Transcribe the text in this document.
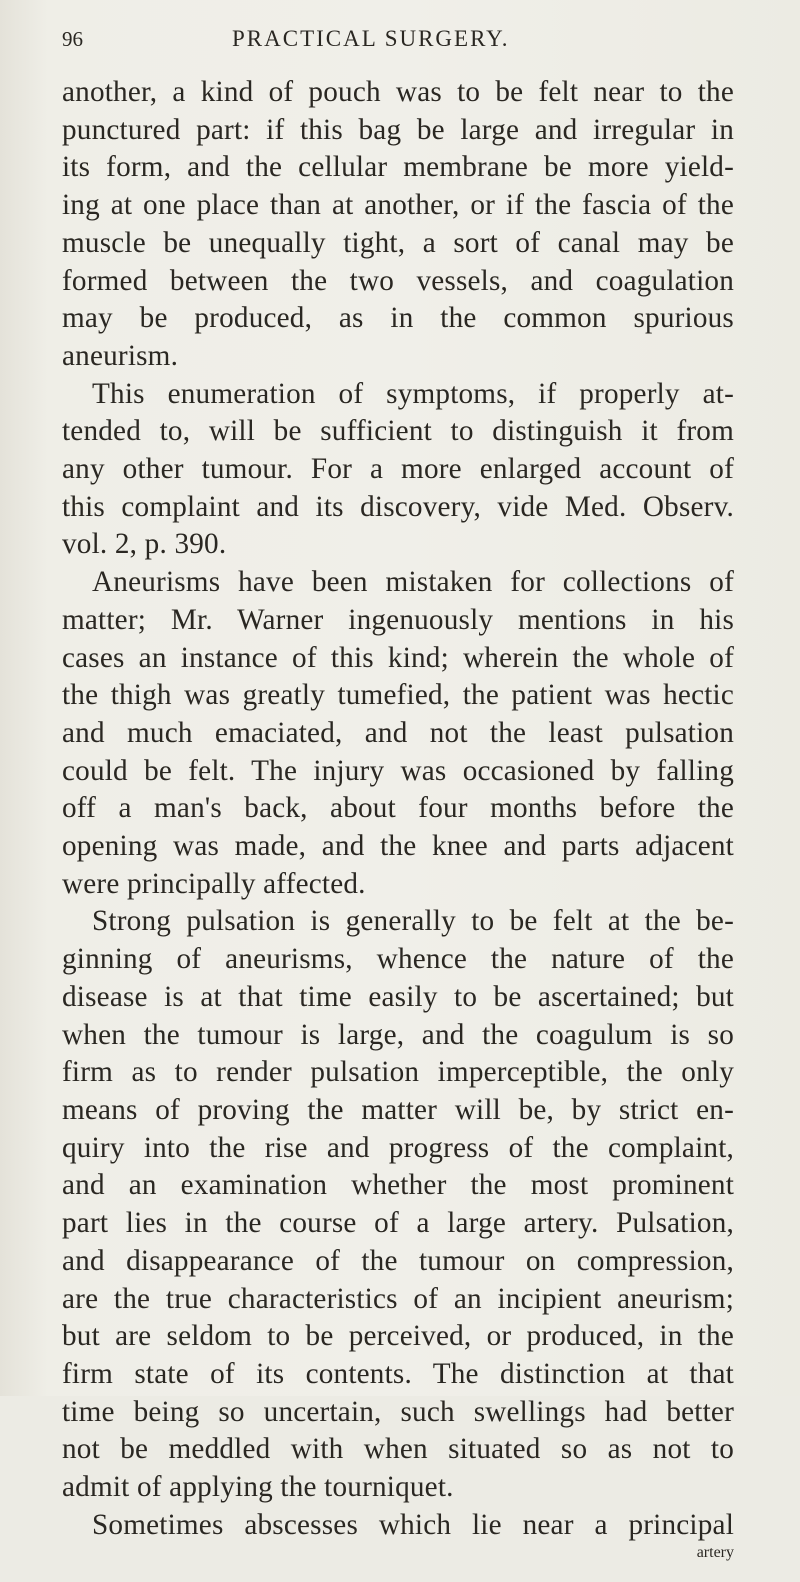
96	PRACTICAL SURGERY.
another, a kind of pouch was to be felt near to the
punctured part: if this bag be large and irregular in
its form, and the cellular membrane be more yield-
ing at one place than at another, or if the fascia of the
muscle be unequally tight, a sort of canal may be
formed between the two vessels, and coagulation
may be produced, as in the common spurious
aneurism.
This enumeration of symptoms, if properly at-
tended to, will be sufficient to distinguish it from
any other tumour. For a more enlarged account of
this complaint and its discovery, vide Med. Observ.
vol. 2, p. 390.
Aneurisms have been mistaken for collections of
matter; Mr. Warner ingenuously mentions in his
cases an instance of this kind; wherein the whole of
the thigh was greatly tumefied, the patient was hectic
and much emaciated, and not the least pulsation
could be felt. The injury was occasioned by falling
off a man's back, about four months before the
opening was made, and the knee and parts adjacent
were principally affected.
Strong pulsation is generally to be felt at the be-
ginning of aneurisms, whence the nature of the
disease is at that time easily to be ascertained; but
when the tumour is large, and the coagulum is so
firm as to render pulsation imperceptible, the only
means of proving the matter will be, by strict en-
quiry into the rise and progress of the complaint,
and an examination whether the most prominent
part lies in the course of a large artery. Pulsation,
and disappearance of the tumour on compression,
are the true characteristics of an incipient aneurism;
but are seldom to be perceived, or produced, in the
firm state of its contents. The distinction at that
time being so uncertain, such swellings had better
not be meddled with when situated so as not to
admit of applying the tourniquet.
Sometimes abscesses which lie near a principal
artery
